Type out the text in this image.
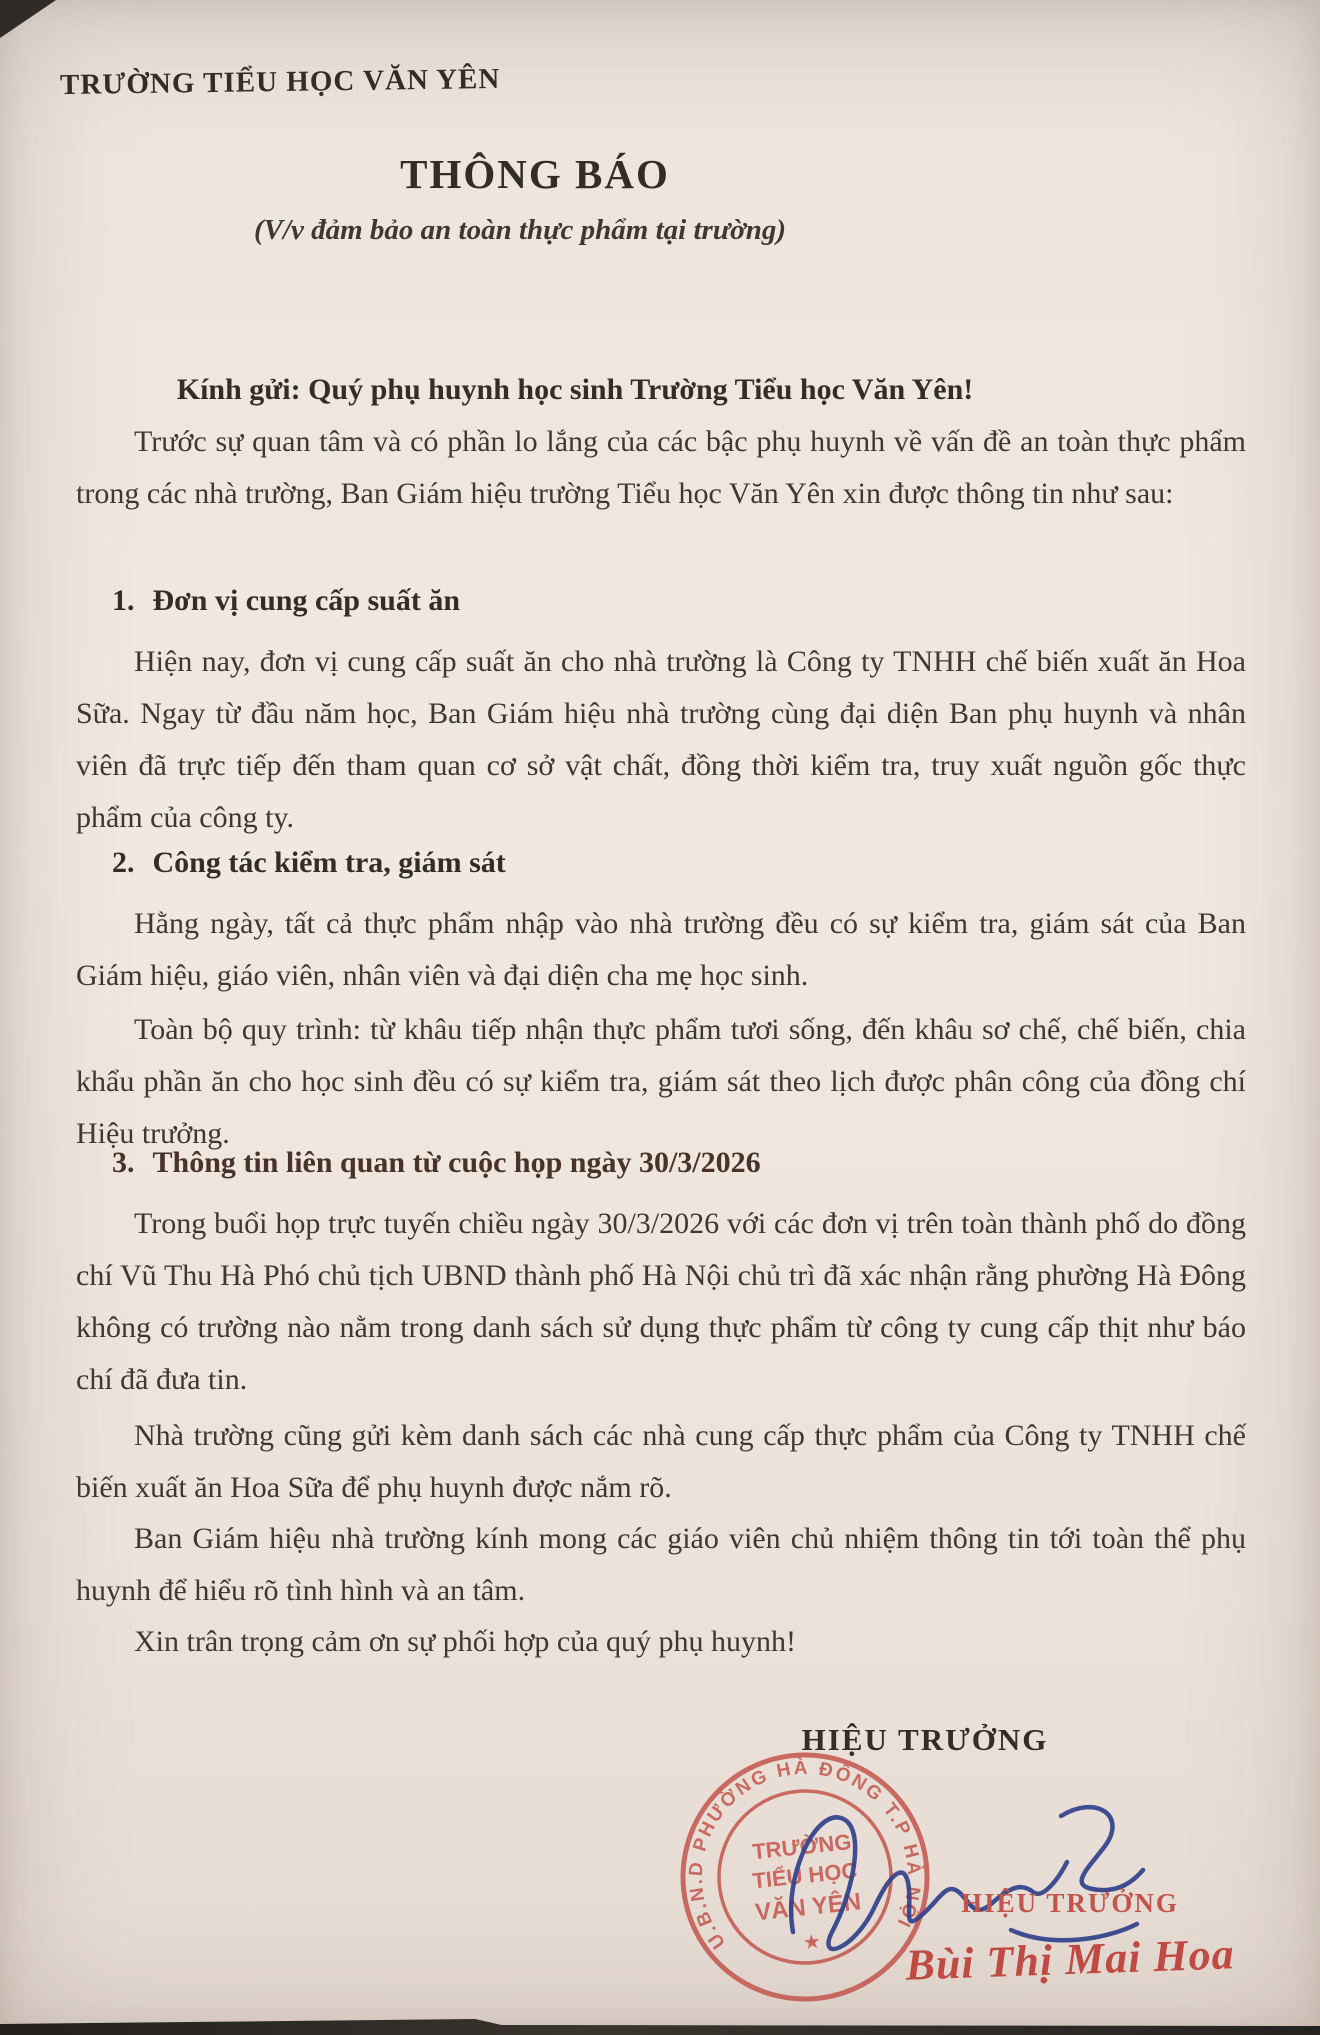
TRƯỜNG TIỂU HỌC VĂN YÊN
THÔNG BÁO
(V/v đảm bảo an toàn thực phẩm tại trường)
Kính gửi: Quý phụ huynh học sinh Trường Tiểu học Văn Yên!

Trước sự quan tâm và có phần lo lắng của các bậc phụ huynh về vấn đề an toàn thực phẩm trong các nhà trường, Ban Giám hiệu trường Tiểu học Văn Yên xin được thông tin như sau:

1. Đơn vị cung cấp suất ăn

Hiện nay, đơn vị cung cấp suất ăn cho nhà trường là Công ty TNHH chế biến xuất ăn Hoa Sữa. Ngay từ đầu năm học, Ban Giám hiệu nhà trường cùng đại diện Ban phụ huynh và nhân viên đã trực tiếp đến tham quan cơ sở vật chất, đồng thời kiểm tra, truy xuất nguồn gốc thực phẩm của công ty.

2. Công tác kiểm tra, giám sát

Hằng ngày, tất cả thực phẩm nhập vào nhà trường đều có sự kiểm tra, giám sát của Ban Giám hiệu, giáo viên, nhân viên và đại diện cha mẹ học sinh.

Toàn bộ quy trình: từ khâu tiếp nhận thực phẩm tươi sống, đến khâu sơ chế, chế biến, chia khẩu phần ăn cho học sinh đều có sự kiểm tra, giám sát theo lịch được phân công của đồng chí Hiệu trưởng.

3. Thông tin liên quan từ cuộc họp ngày 30/3/2026

Trong buổi họp trực tuyến chiều ngày 30/3/2026 với các đơn vị trên toàn thành phố do đồng chí Vũ Thu Hà Phó chủ tịch UBND thành phố Hà Nội chủ trì đã xác nhận rằng phường Hà Đông không có trường nào nằm trong danh sách sử dụng thực phẩm từ công ty cung cấp thịt như báo chí đã đưa tin.

Nhà trường cũng gửi kèm danh sách các nhà cung cấp thực phẩm của Công ty TNHH chế biến xuất ăn Hoa Sữa để phụ huynh được nắm rõ.

Ban Giám hiệu nhà trường kính mong các giáo viên chủ nhiệm thông tin tới toàn thể phụ huynh để hiểu rõ tình hình và an tâm.

Xin trân trọng cảm ơn sự phối hợp của quý phụ huynh!

HIỆU TRƯỞNG
U.B.N.D PHƯỜNG HÀ ĐÔNG T.P HÀ NỘI
TRƯỜNG
TIỂU HỌC
VĂN YÊN
★
HIỆU TRƯỞNG
Bùi Thị Mai Hoa
